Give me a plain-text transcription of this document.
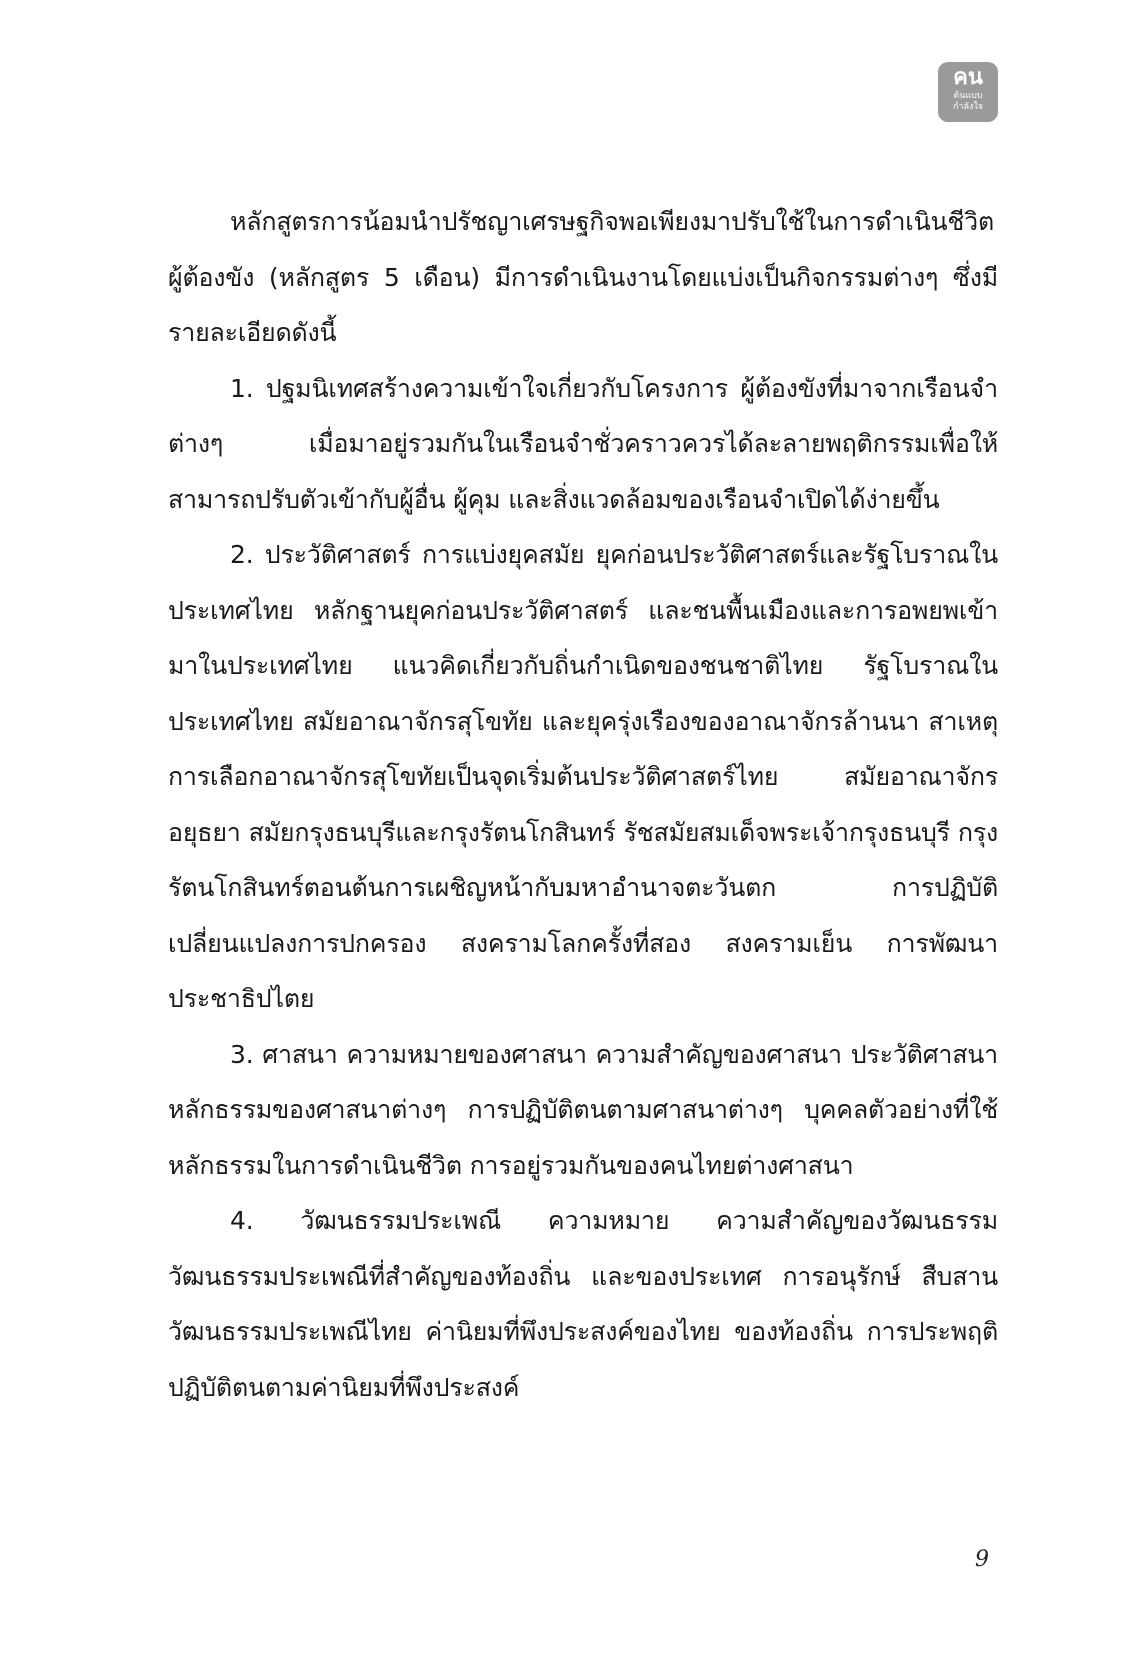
คน
ต้นแบบ
กำลังใจ

หลักสูตรการน้อมนำปรัชญาเศรษฐกิจพอเพียงมาปรับใช้ในการดำเนินชีวิตผู้ต้องขัง (หลักสูตร 5 เดือน) มีการดำเนินงานโดยแบ่งเป็นกิจกรรมต่างๆ ซึ่งมีรายละเอียดดังนี้

1. ปฐมนิเทศสร้างความเข้าใจเกี่ยวกับโครงการ ผู้ต้องขังที่มาจากเรือนจำต่างๆ เมื่อมาอยู่รวมกันในเรือนจำชั่วคราวควรได้ละลายพฤติกรรมเพื่อให้สามารถปรับตัวเข้ากับผู้อื่น ผู้คุม และสิ่งแวดล้อมของเรือนจำเปิดได้ง่ายขึ้น

2. ประวัติศาสตร์ การแบ่งยุคสมัย ยุคก่อนประวัติศาสตร์และรัฐโบราณในประเทศไทย หลักฐานยุคก่อนประวัติศาสตร์ และชนพื้นเมืองและการอพยพเข้ามาในประเทศไทย แนวคิดเกี่ยวกับถิ่นกำเนิดของชนชาติไทย รัฐโบราณในประเทศไทย สมัยอาณาจักรสุโขทัย และยุครุ่งเรืองของอาณาจักรล้านนา สาเหตุการเลือกอาณาจักรสุโขทัยเป็นจุดเริ่มต้นประวัติศาสตร์ไทย สมัยอาณาจักรอยุธยา สมัยกรุงธนบุรีและกรุงรัตนโกสินทร์ รัชสมัยสมเด็จพระเจ้ากรุงธนบุรี กรุงรัตนโกสินทร์ตอนต้นการเผชิญหน้ากับมหาอำนาจตะวันตก การปฏิบัติเปลี่ยนแปลงการปกครอง สงครามโลกครั้งที่สอง สงครามเย็น การพัฒนาประชาธิปไตย

3. ศาสนา ความหมายของศาสนา ความสำคัญของศาสนา ประวัติศาสนา หลักธรรมของศาสนาต่างๆ การปฏิบัติตนตามศาสนาต่างๆ บุคคลตัวอย่างที่ใช้หลักธรรมในการดำเนินชีวิต การอยู่รวมกันของคนไทยต่างศาสนา

4. วัฒนธรรมประเพณี ความหมาย ความสำคัญของวัฒนธรรม วัฒนธรรมประเพณีที่สำคัญของท้องถิ่น และของประเทศ การอนุรักษ์ สืบสานวัฒนธรรมประเพณีไทย ค่านิยมที่พึงประสงค์ของไทย ของท้องถิ่น การประพฤติปฏิบัติตนตามค่านิยมที่พึงประสงค์

9
